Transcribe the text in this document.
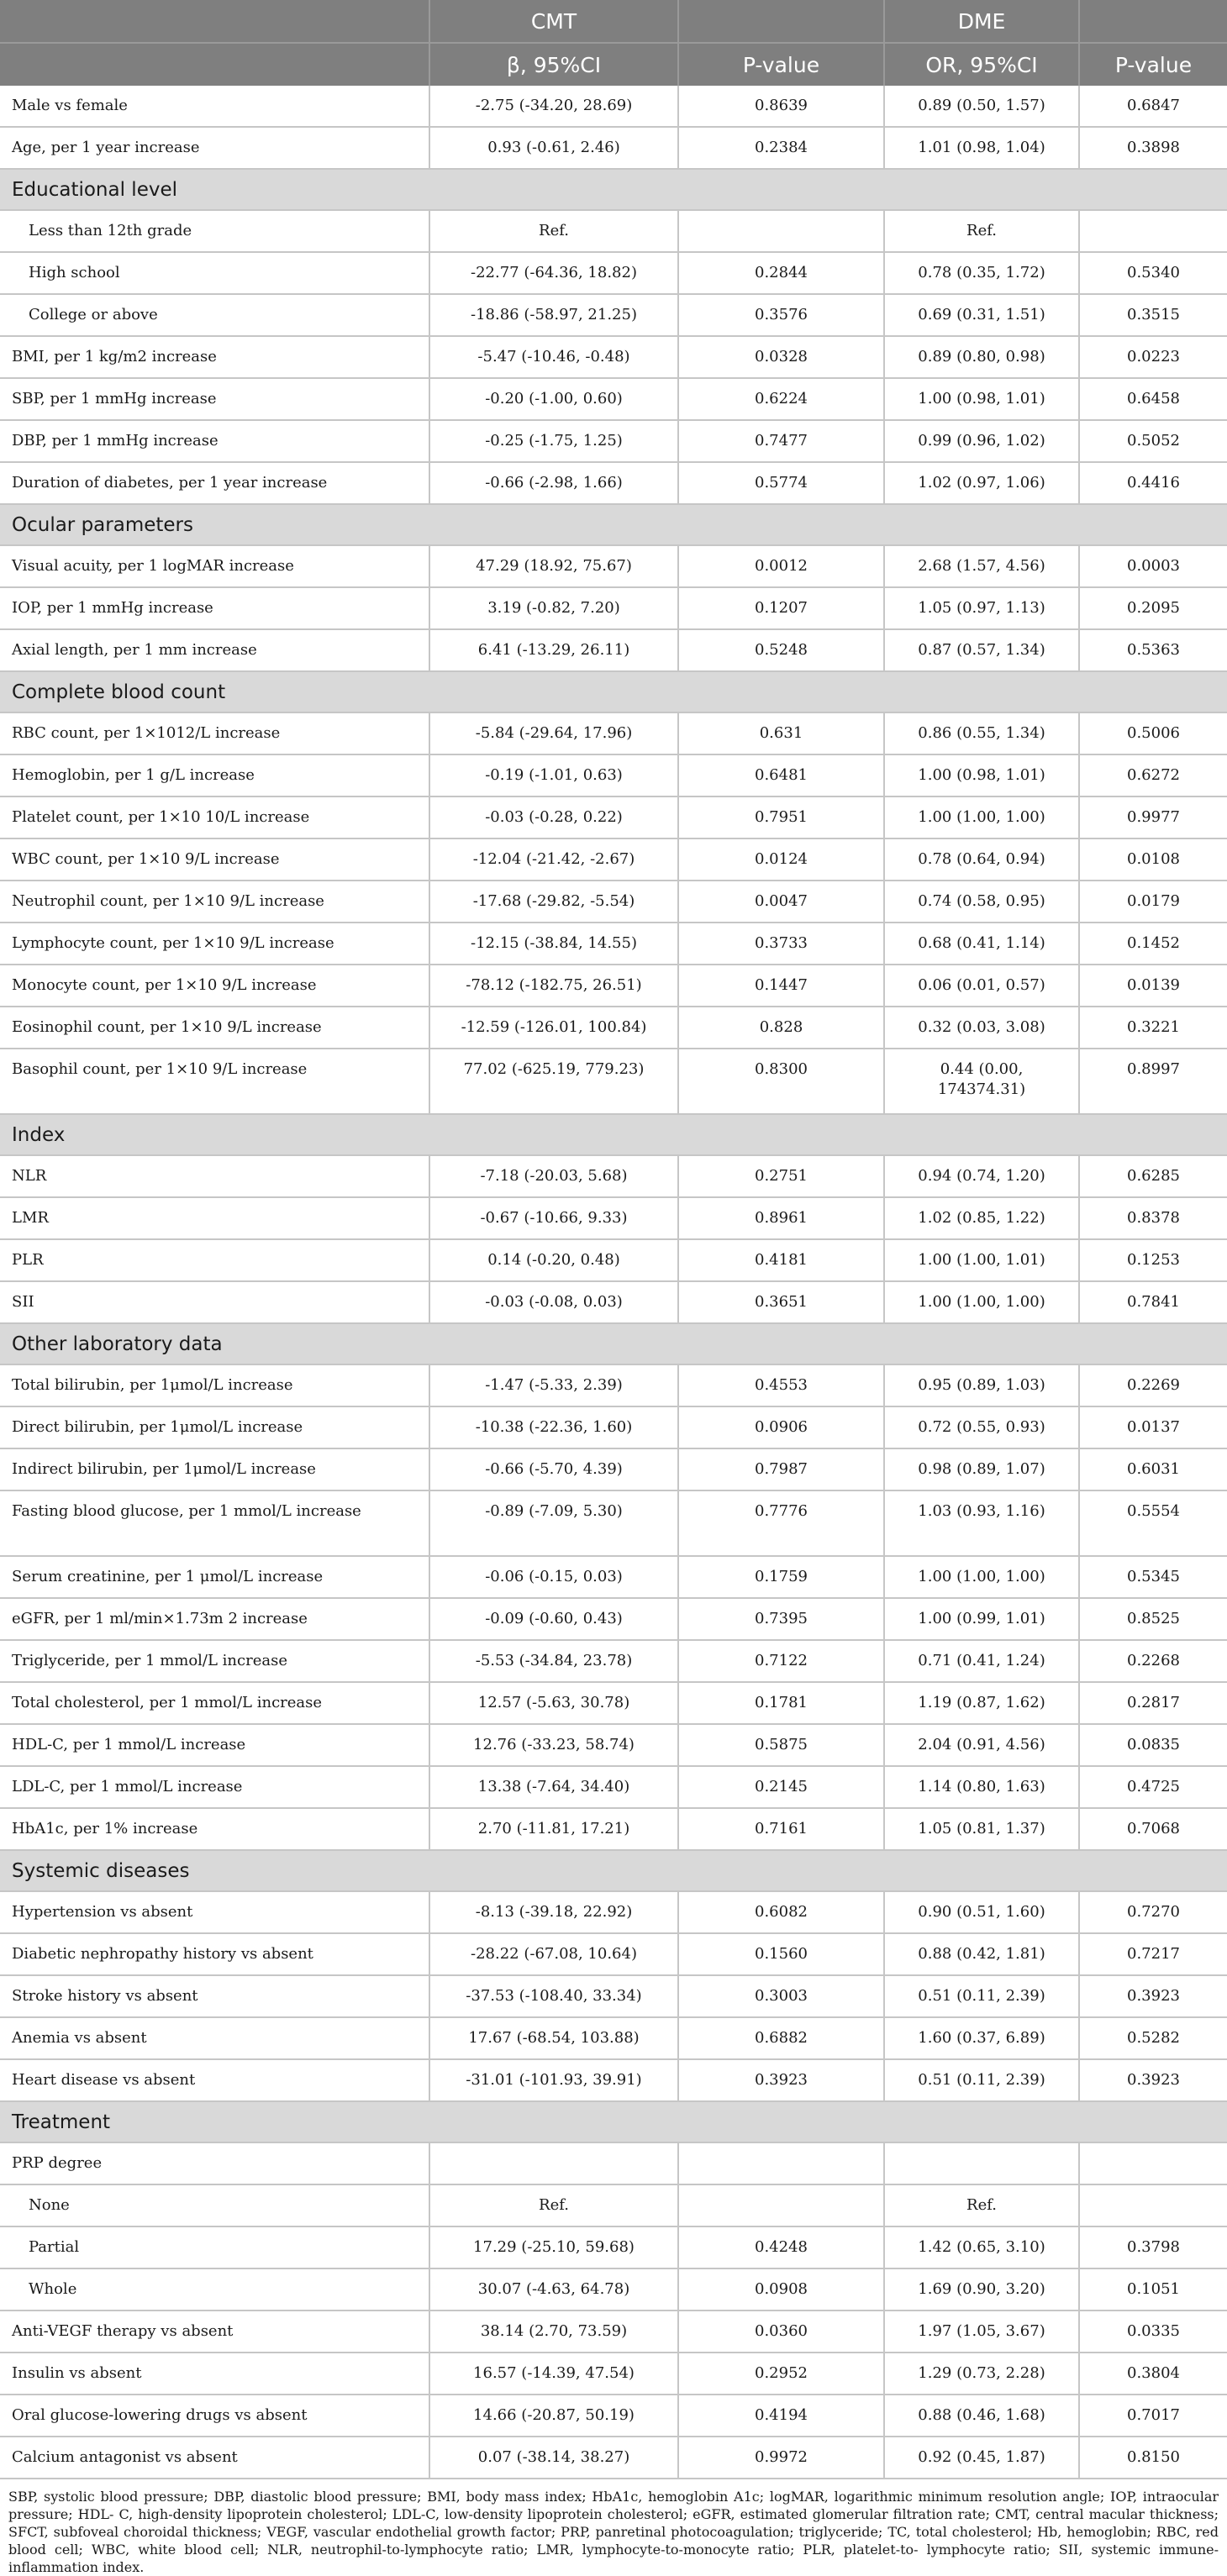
	CMT		DME	
	β, 95%CI	P-value	OR, 95%CI	P-value
Male vs female	-2.75 (-34.20, 28.69)	0.8639	0.89 (0.50, 1.57)	0.6847
Age, per 1 year increase	0.93 (-0.61, 2.46)	0.2384	1.01 (0.98, 1.04)	0.3898
Educational level				
Less than 12th grade	Ref.		Ref.	
High school	-22.77 (-64.36, 18.82)	0.2844	0.78 (0.35, 1.72)	0.5340
College or above	-18.86 (-58.97, 21.25)	0.3576	0.69 (0.31, 1.51)	0.3515
BMI, per 1 kg/m2 increase	-5.47 (-10.46, -0.48)	0.0328	0.89 (0.80, 0.98)	0.0223
SBP, per 1 mmHg increase	-0.20 (-1.00, 0.60)	0.6224	1.00 (0.98, 1.01)	0.6458
DBP, per 1 mmHg increase	-0.25 (-1.75, 1.25)	0.7477	0.99 (0.96, 1.02)	0.5052
Duration of diabetes, per 1 year increase	-0.66 (-2.98, 1.66)	0.5774	1.02 (0.97, 1.06)	0.4416
Ocular parameters				
Visual acuity, per 1 logMAR increase	47.29 (18.92, 75.67)	0.0012	2.68 (1.57, 4.56)	0.0003
IOP, per 1 mmHg increase	3.19 (-0.82, 7.20)	0.1207	1.05 (0.97, 1.13)	0.2095
Axial length, per 1 mm increase	6.41 (-13.29, 26.11)	0.5248	0.87 (0.57, 1.34)	0.5363
Complete blood count				
RBC count, per 1×1012/L increase	-5.84 (-29.64, 17.96)	0.631	0.86 (0.55, 1.34)	0.5006
Hemoglobin, per 1 g/L increase	-0.19 (-1.01, 0.63)	0.6481	1.00 (0.98, 1.01)	0.6272
Platelet count, per 1×10 10/L increase	-0.03 (-0.28, 0.22)	0.7951	1.00 (1.00, 1.00)	0.9977
WBC count, per 1×10 9/L increase	-12.04 (-21.42, -2.67)	0.0124	0.78 (0.64, 0.94)	0.0108
Neutrophil count, per 1×10 9/L increase	-17.68 (-29.82, -5.54)	0.0047	0.74 (0.58, 0.95)	0.0179
Lymphocyte count, per 1×10 9/L increase	-12.15 (-38.84, 14.55)	0.3733	0.68 (0.41, 1.14)	0.1452
Monocyte count, per 1×10 9/L increase	-78.12 (-182.75, 26.51)	0.1447	0.06 (0.01, 0.57)	0.0139
Eosinophil count, per 1×10 9/L increase	-12.59 (-126.01, 100.84)	0.828	0.32 (0.03, 3.08)	0.3221
Basophil count, per 1×10 9/L increase	77.02 (-625.19, 779.23)	0.8300	0.44 (0.00, 174374.31)	0.8997
Index				
NLR	-7.18 (-20.03, 5.68)	0.2751	0.94 (0.74, 1.20)	0.6285
LMR	-0.67 (-10.66, 9.33)	0.8961	1.02 (0.85, 1.22)	0.8378
PLR	0.14 (-0.20, 0.48)	0.4181	1.00 (1.00, 1.01)	0.1253
SII	-0.03 (-0.08, 0.03)	0.3651	1.00 (1.00, 1.00)	0.7841
Other laboratory data				
Total bilirubin, per 1μmol/L increase	-1.47 (-5.33, 2.39)	0.4553	0.95 (0.89, 1.03)	0.2269
Direct bilirubin, per 1μmol/L increase	-10.38 (-22.36, 1.60)	0.0906	0.72 (0.55, 0.93)	0.0137
Indirect bilirubin, per 1μmol/L increase	-0.66 (-5.70, 4.39)	0.7987	0.98 (0.89, 1.07)	0.6031
Fasting blood glucose, per 1 mmol/L increase	-0.89 (-7.09, 5.30)	0.7776	1.03 (0.93, 1.16)	0.5554
Serum creatinine, per 1 μmol/L increase	-0.06 (-0.15, 0.03)	0.1759	1.00 (1.00, 1.00)	0.5345
eGFR, per 1 ml/min×1.73m 2 increase	-0.09 (-0.60, 0.43)	0.7395	1.00 (0.99, 1.01)	0.8525
Triglyceride, per 1 mmol/L increase	-5.53 (-34.84, 23.78)	0.7122	0.71 (0.41, 1.24)	0.2268
Total cholesterol, per 1 mmol/L increase	12.57 (-5.63, 30.78)	0.1781	1.19 (0.87, 1.62)	0.2817
HDL-C, per 1 mmol/L increase	12.76 (-33.23, 58.74)	0.5875	2.04 (0.91, 4.56)	0.0835
LDL-C, per 1 mmol/L increase	13.38 (-7.64, 34.40)	0.2145	1.14 (0.80, 1.63)	0.4725
HbA1c, per 1% increase	2.70 (-11.81, 17.21)	0.7161	1.05 (0.81, 1.37)	0.7068
Systemic diseases				
Hypertension vs absent	-8.13 (-39.18, 22.92)	0.6082	0.90 (0.51, 1.60)	0.7270
Diabetic nephropathy history vs absent	-28.22 (-67.08, 10.64)	0.1560	0.88 (0.42, 1.81)	0.7217
Stroke history vs absent	-37.53 (-108.40, 33.34)	0.3003	0.51 (0.11, 2.39)	0.3923
Anemia vs absent	17.67 (-68.54, 103.88)	0.6882	1.60 (0.37, 6.89)	0.5282
Heart disease vs absent	-31.01 (-101.93, 39.91)	0.3923	0.51 (0.11, 2.39)	0.3923
Treatment				
PRP degree				
None	Ref.		Ref.	
Partial	17.29 (-25.10, 59.68)	0.4248	1.42 (0.65, 3.10)	0.3798
Whole	30.07 (-4.63, 64.78)	0.0908	1.69 (0.90, 3.20)	0.1051
Anti-VEGF therapy vs absent	38.14 (2.70, 73.59)	0.0360	1.97 (1.05, 3.67)	0.0335
Insulin vs absent	16.57 (-14.39, 47.54)	0.2952	1.29 (0.73, 2.28)	0.3804
Oral glucose-lowering drugs vs absent	14.66 (-20.87, 50.19)	0.4194	0.88 (0.46, 1.68)	0.7017
Calcium antagonist vs absent	0.07 (-38.14, 38.27)	0.9972	0.92 (0.45, 1.87)	0.8150
SBP, systolic blood pressure; DBP, diastolic blood pressure; BMI, body mass index; HbA1c, hemoglobin A1c; logMAR, logarithmic minimum resolution angle; IOP, intraocular pressure; HDL- C, high-density lipoprotein cholesterol; LDL-C, low-density lipoprotein cholesterol; eGFR, estimated glomerular filtration rate; CMT, central macular thickness; SFCT, subfoveal choroidal thickness; VEGF, vascular endothelial growth factor; PRP, panretinal photocoagulation; triglyceride; TC, total cholesterol; Hb, hemoglobin; RBC, red blood cell; WBC, white blood cell; NLR, neutrophil-to-lymphocyte ratio; LMR, lymphocyte-to-monocyte ratio; PLR, platelet-to- lymphocyte ratio; SII, systemic immune-inflammation index.
